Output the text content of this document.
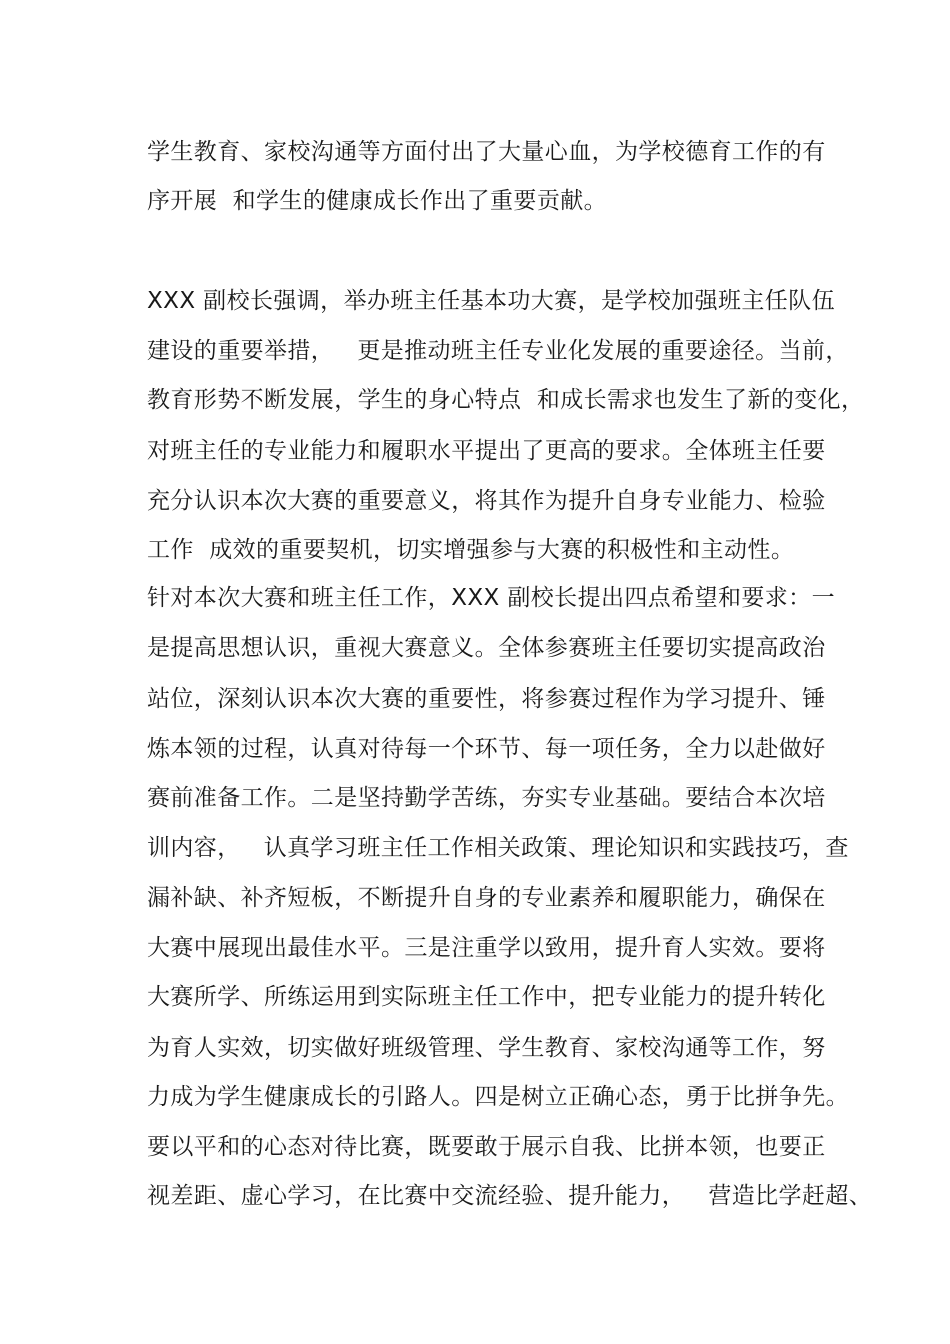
学生教育、家校沟通等方面付出了大量心血，为学校德育工作的有
序开展  和学生的健康成长作出了重要贡献。
XXX 副校长强调，举办班主任基本功大赛，是学校加强班主任队伍
建设的重要举措，   更是推动班主任专业化发展的重要途径。当前，
教育形势不断发展，学生的身心特点  和成长需求也发生了新的变化，
对班主任的专业能力和履职水平提出了更高的要求。全体班主任要
充分认识本次大赛的重要意义，将其作为提升自身专业能力、检验
工作  成效的重要契机，切实增强参与大赛的积极性和主动性。
针对本次大赛和班主任工作，XXX 副校长提出四点希望和要求：一
是提高思想认识，重视大赛意义。全体参赛班主任要切实提高政治
站位，深刻认识本次大赛的重要性，将参赛过程作为学习提升、锤
炼本领的过程，认真对待每一个环节、每一项任务，全力以赴做好
赛前准备工作。二是坚持勤学苦练，夯实专业基础。要结合本次培
训内容，   认真学习班主任工作相关政策、理论知识和实践技巧，查
漏补缺、补齐短板，不断提升自身的专业素养和履职能力，确保在
大赛中展现出最佳水平。三是注重学以致用，提升育人实效。要将
大赛所学、所练运用到实际班主任工作中，把专业能力的提升转化
为育人实效，切实做好班级管理、学生教育、家校沟通等工作，努
力成为学生健康成长的引路人。四是树立正确心态，勇于比拼争先。
要以平和的心态对待比赛，既要敢于展示自我、比拼本领，也要正
视差距、虚心学习，在比赛中交流经验、提升能力，   营造比学赶超、
